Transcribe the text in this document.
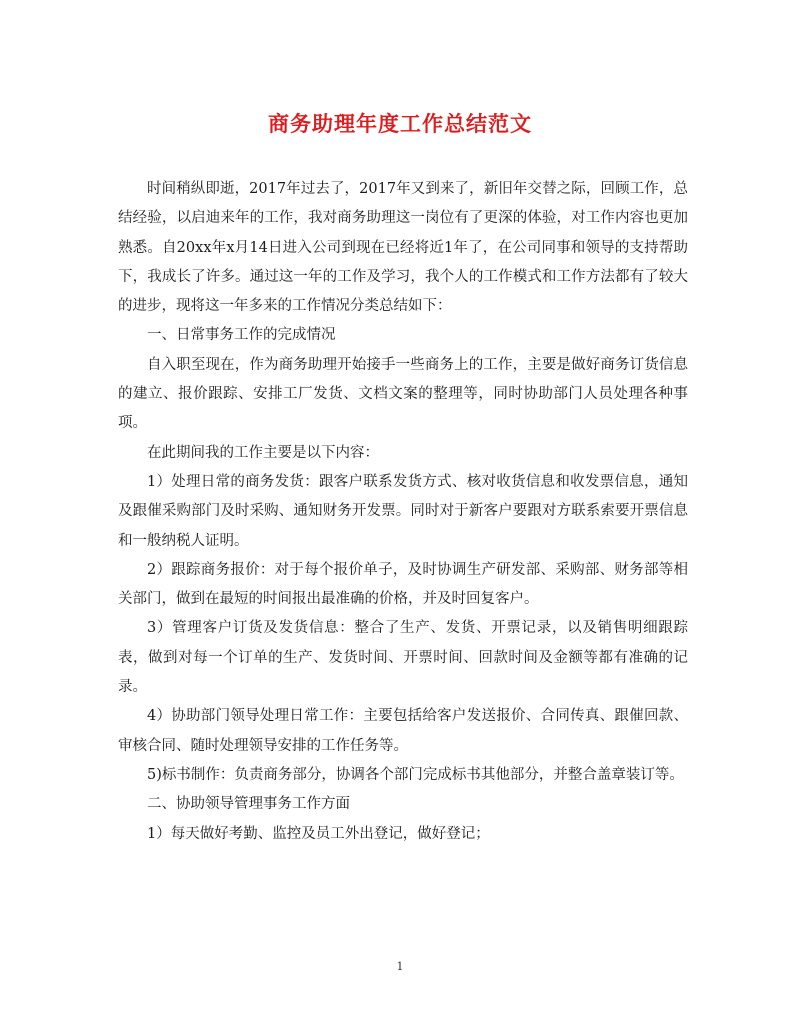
商务助理年度工作总结范文

时间稍纵即逝，2017年过去了，2017年又到来了，新旧年交替之际，回顾工作，总结经验，以启迪来年的工作，我对商务助理这一岗位有了更深的体验，对工作内容也更加熟悉。自20xx年x月14日进入公司到现在已经将近1年了，在公司同事和领导的支持帮助下，我成长了许多。通过这一年的工作及学习，我个人的工作模式和工作方法都有了较大的进步，现将这一年多来的工作情况分类总结如下：

一、日常事务工作的完成情况

自入职至现在，作为商务助理开始接手一些商务上的工作，主要是做好商务订货信息的建立、报价跟踪、安排工厂发货、文档文案的整理等，同时协助部门人员处理各种事项。

在此期间我的工作主要是以下内容：

1）处理日常的商务发货：跟客户联系发货方式、核对收货信息和收发票信息，通知及跟催采购部门及时采购、通知财务开发票。同时对于新客户要跟对方联系索要开票信息和一般纳税人证明。

2）跟踪商务报价：对于每个报价单子，及时协调生产研发部、采购部、财务部等相关部门，做到在最短的时间报出最准确的价格，并及时回复客户。

3）管理客户订货及发货信息：整合了生产、发货、开票记录，以及销售明细跟踪表，做到对每一个订单的生产、发货时间、开票时间、回款时间及金额等都有准确的记录。

4）协助部门领导处理日常工作：主要包括给客户发送报价、合同传真、跟催回款、审核合同、随时处理领导安排的工作任务等。

5)标书制作：负责商务部分，协调各个部门完成标书其他部分，并整合盖章装订等。

二、协助领导管理事务工作方面

1）每天做好考勤、监控及员工外出登记，做好登记；

1
